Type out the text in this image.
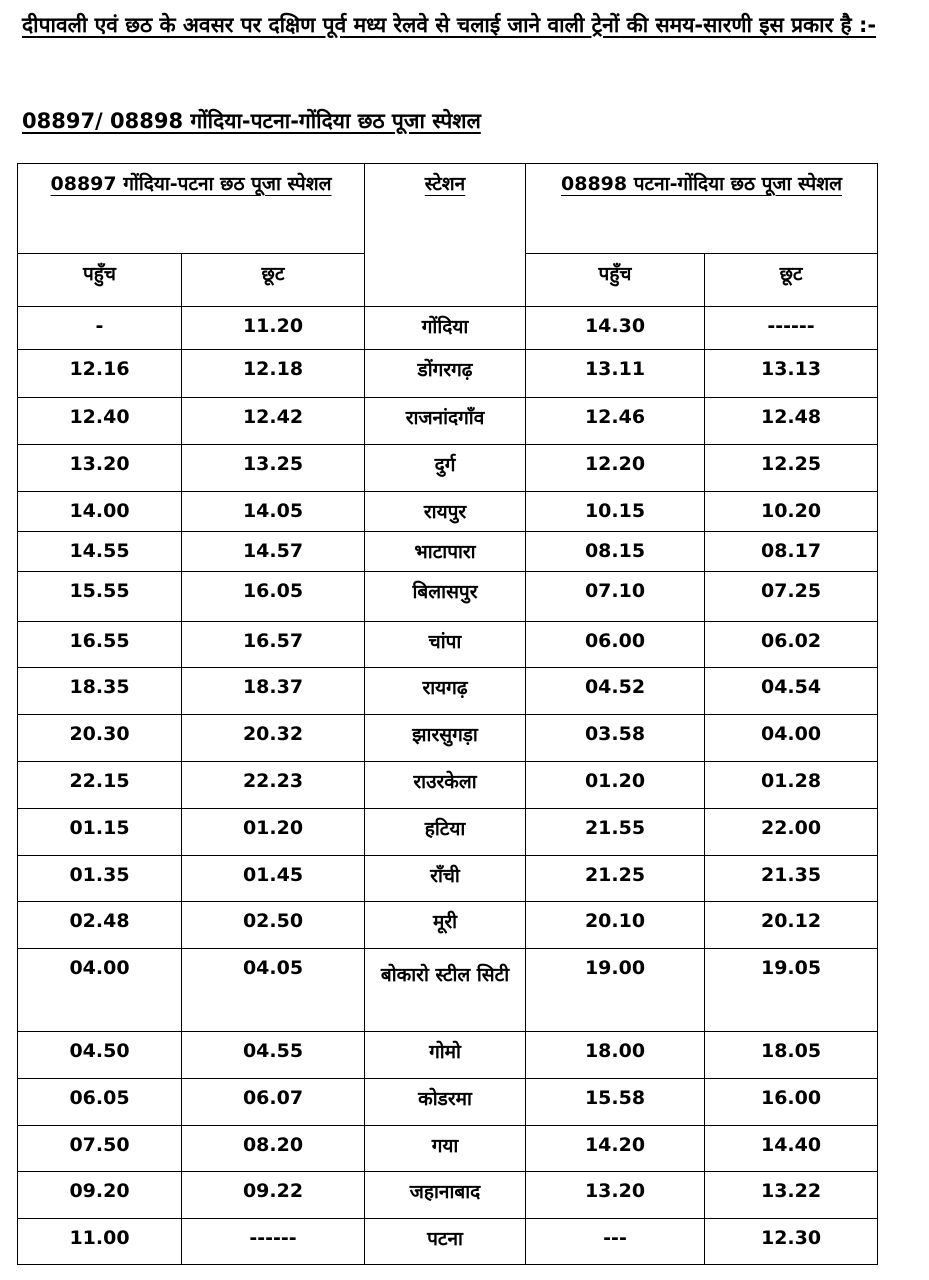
दीपावली एवं छठ के अवसर पर दक्षिण पूर्व मध्य रेलवे से चलाई जाने वाली ट्रेनों की समय-सारणी इस प्रकार है :-
08897/ 08898 गोंदिया-पटना-गोंदिया छठ पूजा स्पेशल
08897 गोंदिया-पटना छठ पूजा स्पेशल		स्टेशन	08898 पटना-गोंदिया छठ पूजा स्पेशल	
पहुँच	छूट		पहुँच	छूट
-	11.20	गोंदिया	14.30	------
12.16	12.18	डोंगरगढ़	13.11	13.13
12.40	12.42	राजनांदगाँव	12.46	12.48
13.20	13.25	दुर्ग	12.20	12.25
14.00	14.05	रायपुर	10.15	10.20
14.55	14.57	भाटापारा	08.15	08.17
15.55	16.05	बिलासपुर	07.10	07.25
16.55	16.57	चांपा	06.00	06.02
18.35	18.37	रायगढ़	04.52	04.54
20.30	20.32	झारसुगड़ा	03.58	04.00
22.15	22.23	राउरकेला	01.20	01.28
01.15	01.20	हटिया	21.55	22.00
01.35	01.45	राँची	21.25	21.35
02.48	02.50	मूरी	20.10	20.12
04.00	04.05	बोकारो स्टील सिटी	19.00	19.05
04.50	04.55	गोमो	18.00	18.05
06.05	06.07	कोडरमा	15.58	16.00
07.50	08.20	गया	14.20	14.40
09.20	09.22	जहानाबाद	13.20	13.22
11.00	------	पटना	---	12.30
